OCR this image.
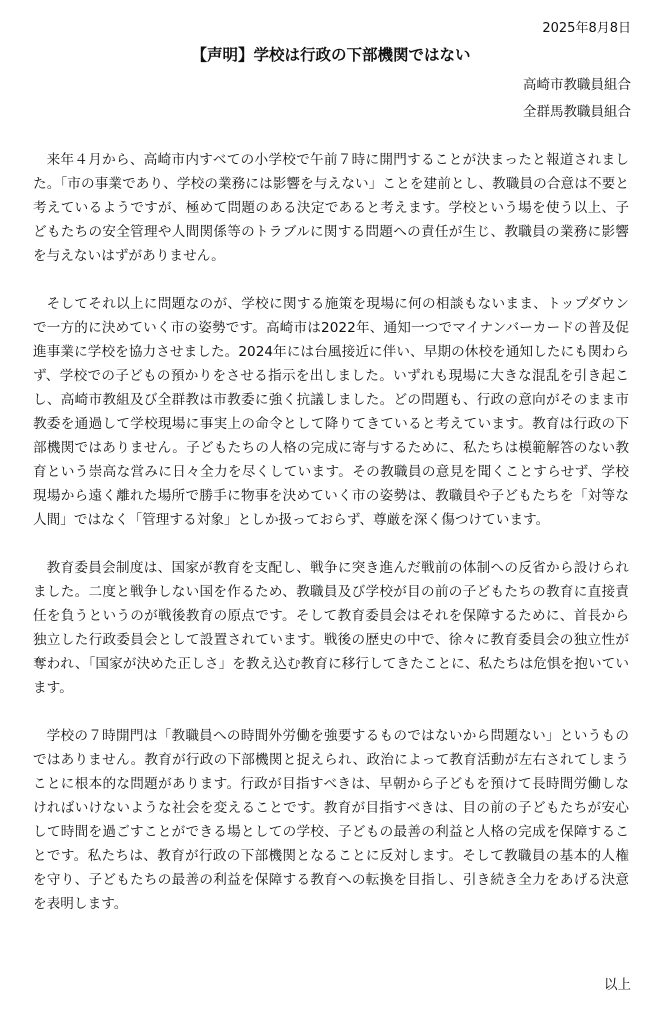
2025年8月8日
【声明】学校は行政の下部機関ではない
高崎市教職員組合
全群馬教職員組合

来年４月から、高崎市内すべての小学校で午前７時に開門することが決まったと報道されました。「市の事業であり、学校の業務には影響を与えない」ことを建前とし、教職員の合意は不要と考えているようですが、極めて問題のある決定であると考えます。学校という場を使う以上、子どもたちの安全管理や人間関係等のトラブルに関する問題への責任が生じ、教職員の業務に影響を与えないはずがありません。

そしてそれ以上に問題なのが、学校に関する施策を現場に何の相談もないまま、トップダウンで一方的に決めていく市の姿勢です。高崎市は2022年、通知一つでマイナンバーカードの普及促進事業に学校を協力させました。2024年には台風接近に伴い、早期の休校を通知したにも関わらず、学校での子どもの預かりをさせる指示を出しました。いずれも現場に大きな混乱を引き起こし、高崎市教組及び全群教は市教委に強く抗議しました。どの問題も、行政の意向がそのまま市教委を通過して学校現場に事実上の命令として降りてきていると考えています。教育は行政の下部機関ではありません。子どもたちの人格の完成に寄与するために、私たちは模範解答のない教育という崇高な営みに日々全力を尽くしています。その教職員の意見を聞くことすらせず、学校現場から遠く離れた場所で勝手に物事を決めていく市の姿勢は、教職員や子どもたちを「対等な人間」ではなく「管理する対象」としか扱っておらず、尊厳を深く傷つけています。

教育委員会制度は、国家が教育を支配し、戦争に突き進んだ戦前の体制への反省から設けられました。二度と戦争しない国を作るため、教職員及び学校が目の前の子どもたちの教育に直接責任を負うというのが戦後教育の原点です。そして教育委員会はそれを保障するために、首長から独立した行政委員会として設置されています。戦後の歴史の中で、徐々に教育委員会の独立性が奪われ、「国家が決めた正しさ」を教え込む教育に移行してきたことに、私たちは危惧を抱いています。

学校の７時開門は「教職員への時間外労働を強要するものではないから問題ない」というものではありません。教育が行政の下部機関と捉えられ、政治によって教育活動が左右されてしまうことに根本的な問題があります。行政が目指すべきは、早朝から子どもを預けて長時間労働しなければいけないような社会を変えることです。教育が目指すべきは、目の前の子どもたちが安心して時間を過ごすことができる場としての学校、子どもの最善の利益と人格の完成を保障することです。私たちは、教育が行政の下部機関となることに反対します。そして教職員の基本的人権を守り、子どもたちの最善の利益を保障する教育への転換を目指し、引き続き全力をあげる決意を表明します。

以上
